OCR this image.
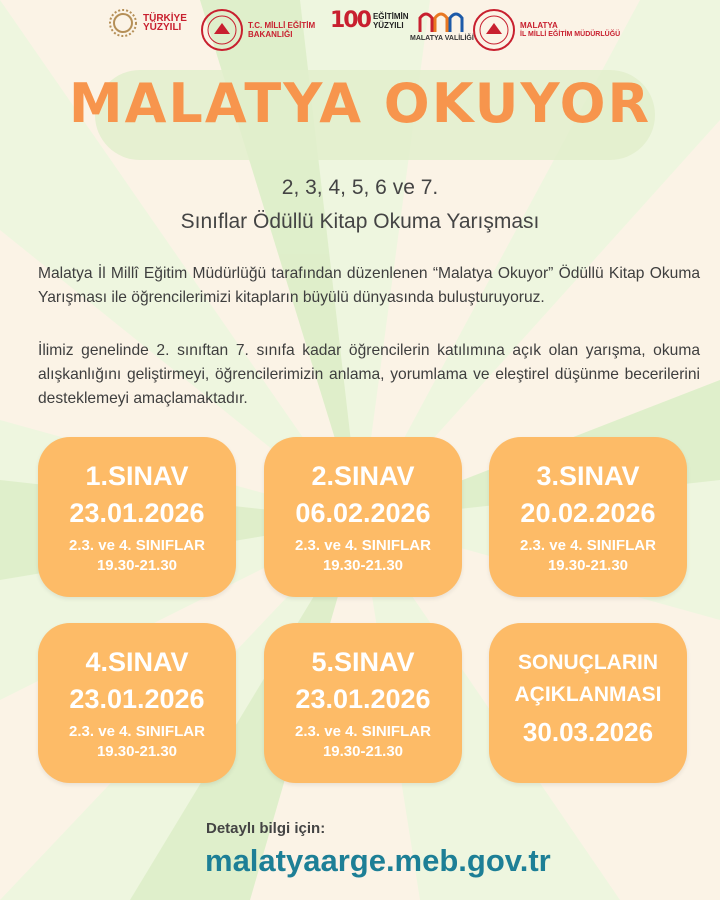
TÜRKİYE
YÜZYILI	T.C. MİLLİ EĞİTİM
BAKANLIĞI
100 EĞİTİMİN
YÜZYILI
MALATYA VALİLİĞİ
MALATYA
İL MİLLİ EĞİTİM MÜDÜRLÜĞÜ
MALATYA OKUYOR
2, 3, 4, 5, 6 ve 7.
Sınıflar Ödüllü Kitap Okuma Yarışması
Malatya İl Millî Eğitim Müdürlüğü tarafından düzenlenen “Malatya Okuyor” Ödüllü Kitap Okuma Yarışması ile öğrencilerimizi kitapların büyülü dünyasında buluşturuyoruz.
İlimiz genelinde 2. sınıftan 7. sınıfa kadar öğrencilerin katılımına açık olan yarışma, okuma alışkanlığını geliştirmeyi, öğrencilerimizin anlama, yorumlama ve eleştirel düşünme becerilerini desteklemeyi amaçlamaktadır.
1.SINAV
23.01.2026
2.3. ve 4. SINIFLAR
19.30-21.30
2.SINAV
06.02.2026
2.3. ve 4. SINIFLAR
19.30-21.30
3.SINAV
20.02.2026
2.3. ve 4. SINIFLAR
19.30-21.30
4.SINAV
23.01.2026
2.3. ve 4. SINIFLAR
19.30-21.30
5.SINAV
23.01.2026
2.3. ve 4. SINIFLAR
19.30-21.30
SONUÇLARIN
AÇIKLANMASI
30.03.2026
Detaylı bilgi için:
malatyaarge.meb.gov.tr
